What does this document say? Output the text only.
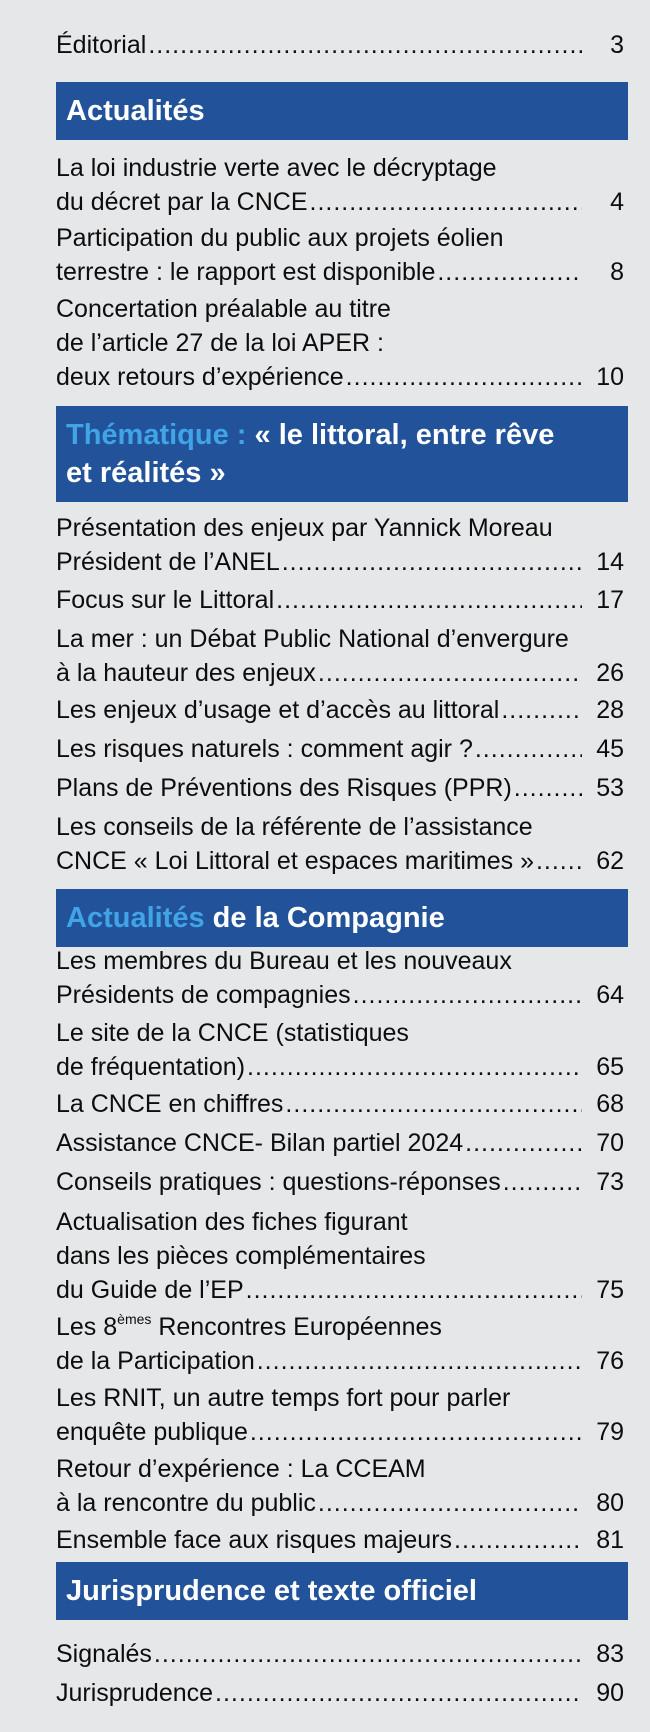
Éditorial .....	3
Actualités
La loi industrie verte avec le décryptage
du décret par la CNCE .....	4
Participation du public aux projets éolien
terrestre : le rapport est disponible .....	8
Concertation préalable au titre
de l’article 27 de la loi APER :
deux retours d’expérience .....	10
Thématique : « le littoral, entre rêve
et réalités »
Présentation des enjeux par Yannick Moreau
Président de l’ANEL .....	14
Focus sur le Littoral .....	17
La mer : un Débat Public National d’envergure
à la hauteur des enjeux .....	26
Les enjeux d’usage et d’accès au littoral .....	28
Les risques naturels : comment agir ? .....	45
Plans de Préventions des Risques (PPR) .....	53
Les conseils de la référente de l’assistance
CNCE « Loi Littoral et espaces maritimes » .....	62
Actualités de la Compagnie
Les membres du Bureau et les nouveaux
Présidents de compagnies .....	64
Le site de la CNCE (statistiques
de fréquentation) .....	65
La CNCE en chiffres .....	68
Assistance CNCE- Bilan partiel 2024 .....	70
Conseils pratiques : questions-réponses .....	73
Actualisation des fiches figurant
dans les pièces complémentaires
du Guide de l’EP .....	75
Les 8èmes Rencontres Européennes
de la Participation .....	76
Les RNIT, un autre temps fort pour parler
enquête publique .....	79
Retour d’expérience : La CCEAM
à la rencontre du public .....	80
Ensemble face aux risques majeurs .....	81
Jurisprudence et texte officiel
Signalés .....	83
Jurisprudence .....	90
